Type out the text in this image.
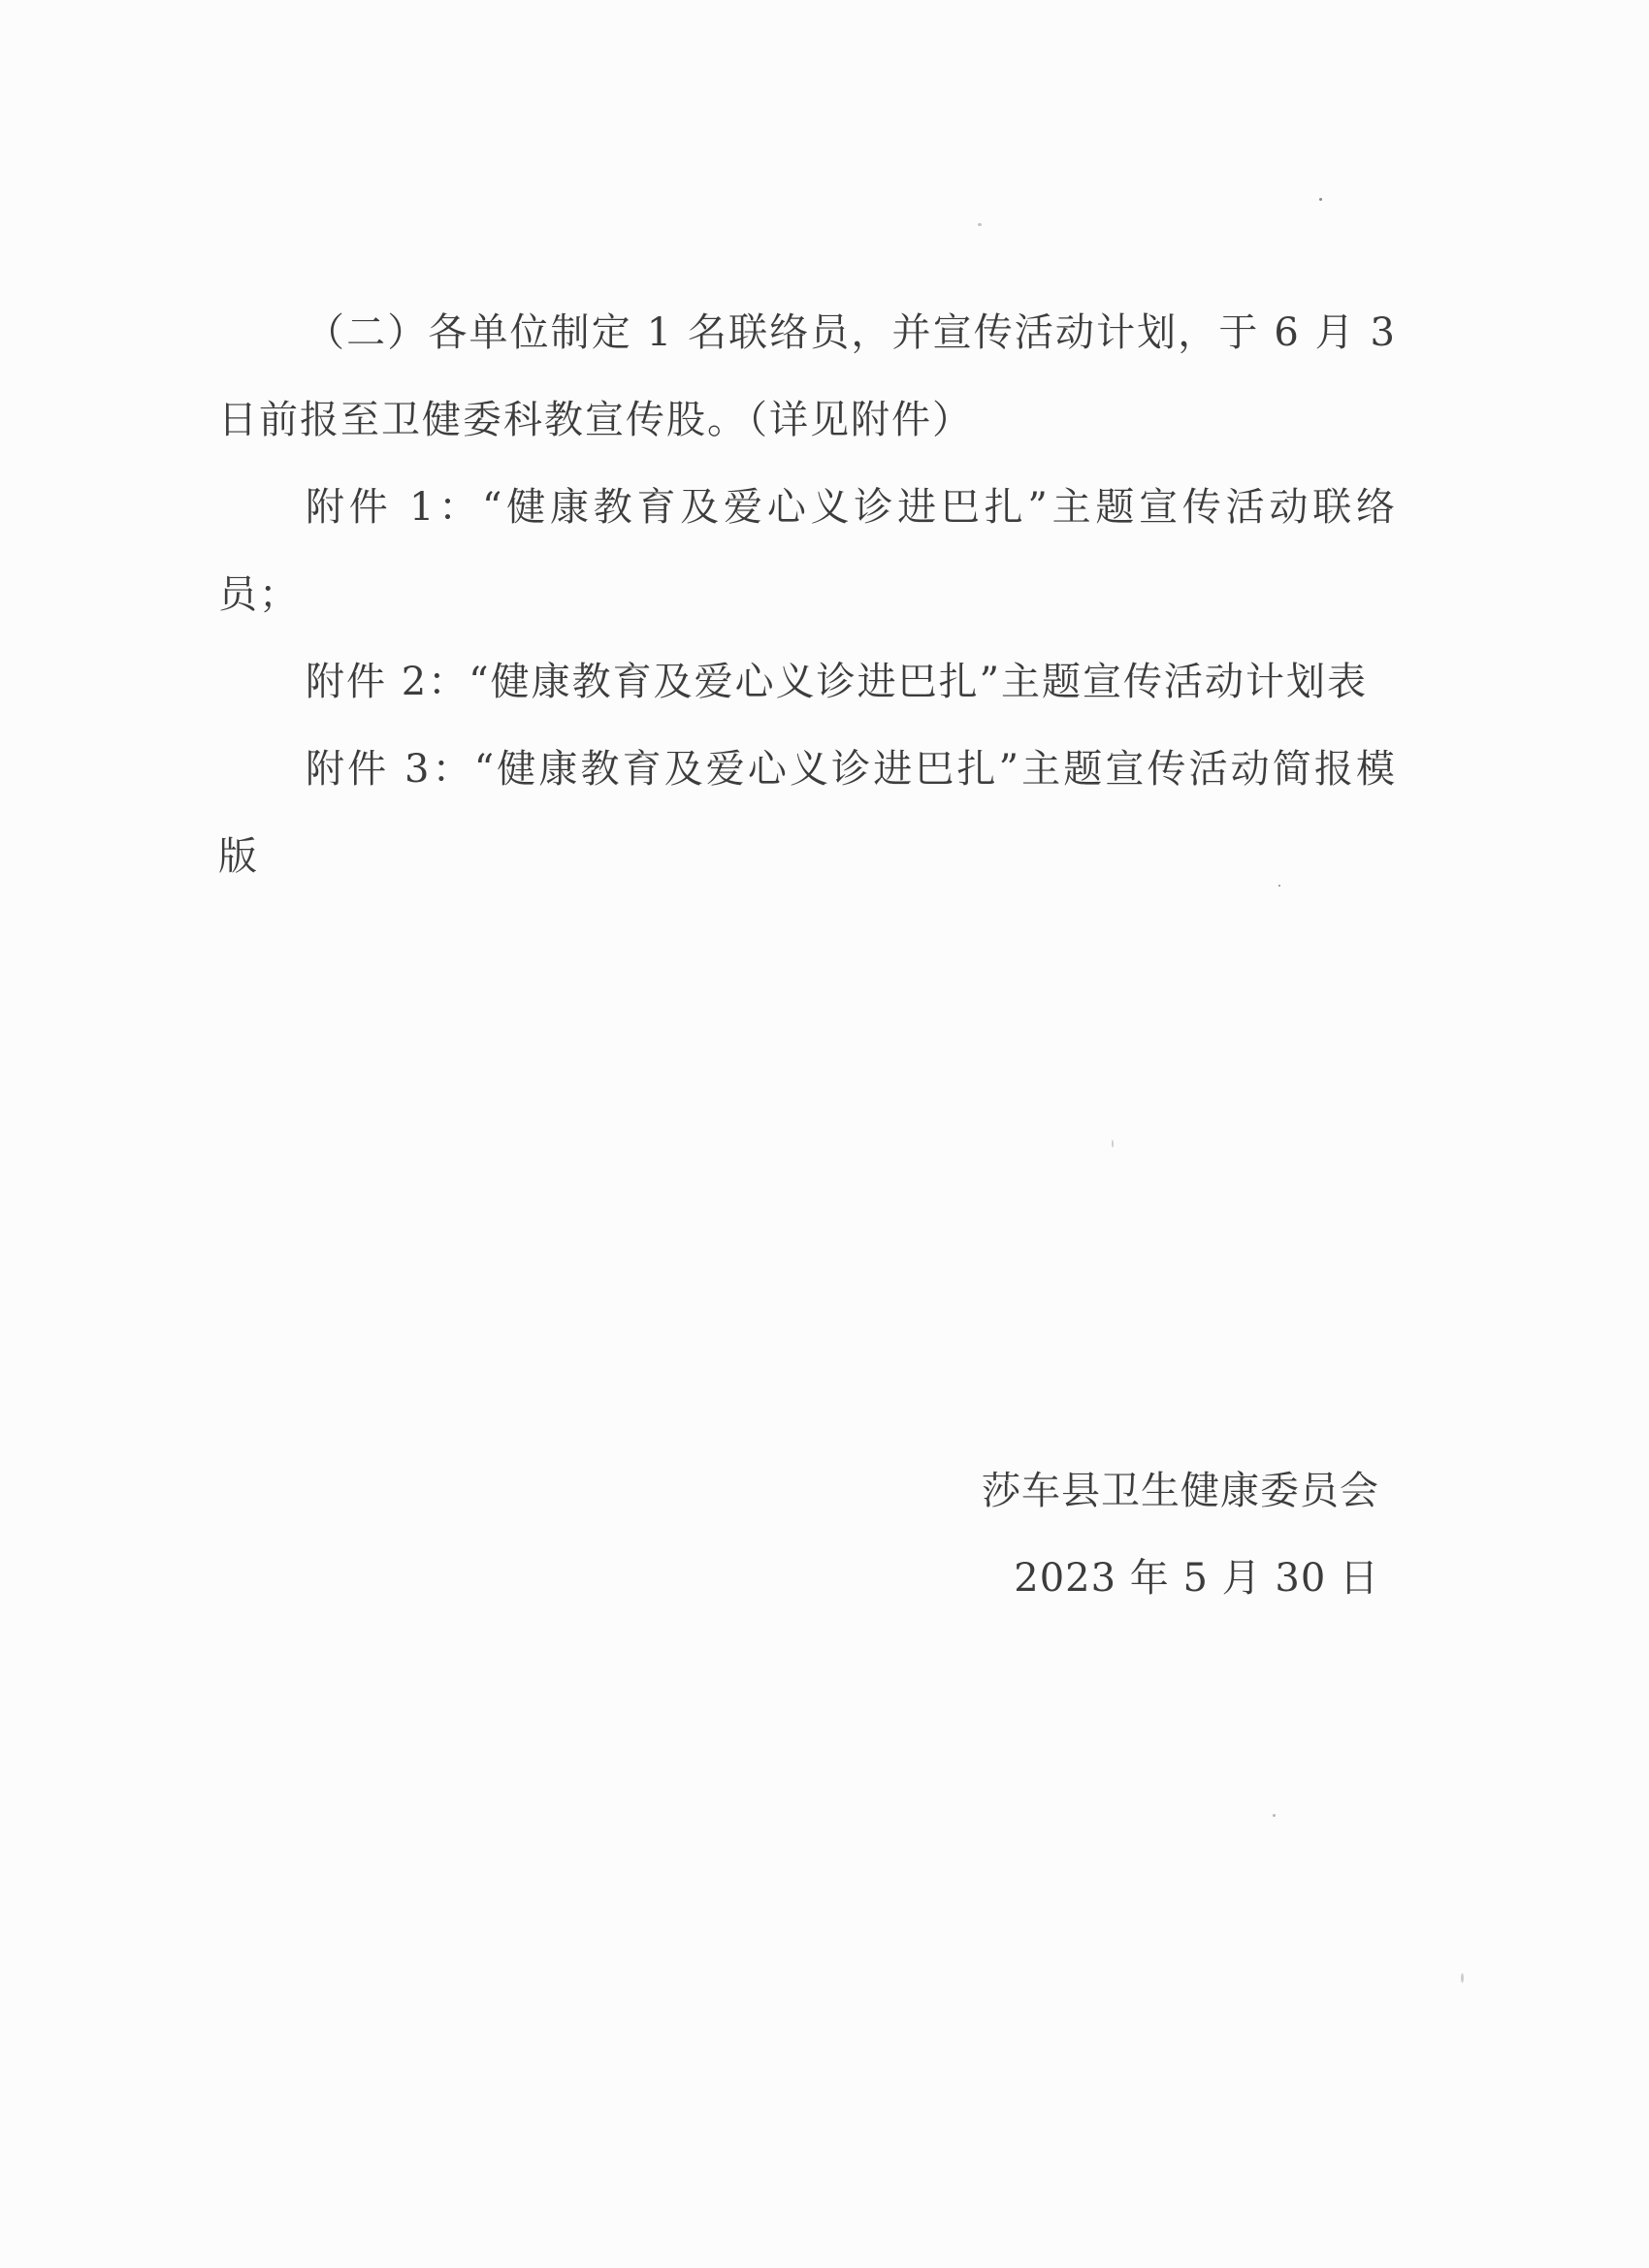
（二）各单位制定 1 名联络员，并宣传活动计划，于 6 月 3 日前报至卫健委科教宣传股。（详见附件）

附件 1：“健康教育及爱心义诊进巴扎”主题宣传活动联络员；

附件 2：“健康教育及爱心义诊进巴扎”主题宣传活动计划表

附件 3：“健康教育及爱心义诊进巴扎”主题宣传活动简报模版

莎车县卫生健康委员会
2023 年 5 月 30 日
